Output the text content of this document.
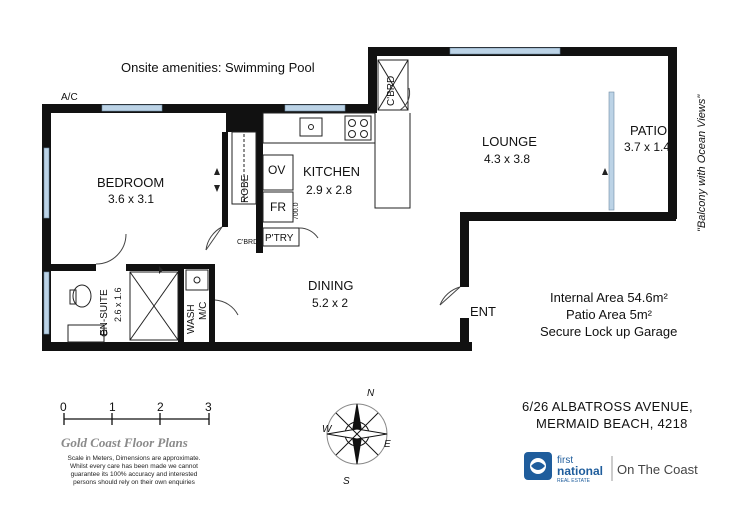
Onsite amenities: Swimming Pool
A/C
BEDROOM
3.6 x 3.1	ROBE
KITCHEN
2.9 x 2.8
OV
FR 700.0
P'TRY
C'BRD
C'BRD
LOUNGE
4.3 x 3.8
PATIO
3.7 x 1.4 "Balcony with Ocean Views"
DINING
5.2 x 2
EN-SUITE 2.6 x 1.6	WASH M/C	ENT
Internal Area 54.6m²
Patio Area 5m²
Secure Lock up Garage
0	1	2	3
N
E
S
W
6/26 ALBATROSS AVENUE,
MERMAID BEACH, 4218
Gold Coast Floor Plans
Scale in Meters, Dimensions are approximate.
Whilst every care has been made we cannot
guarantee its 100% accuracy and interested
persons should rely on their own enquiries
first
national
REAL ESTATE
On The Coast
